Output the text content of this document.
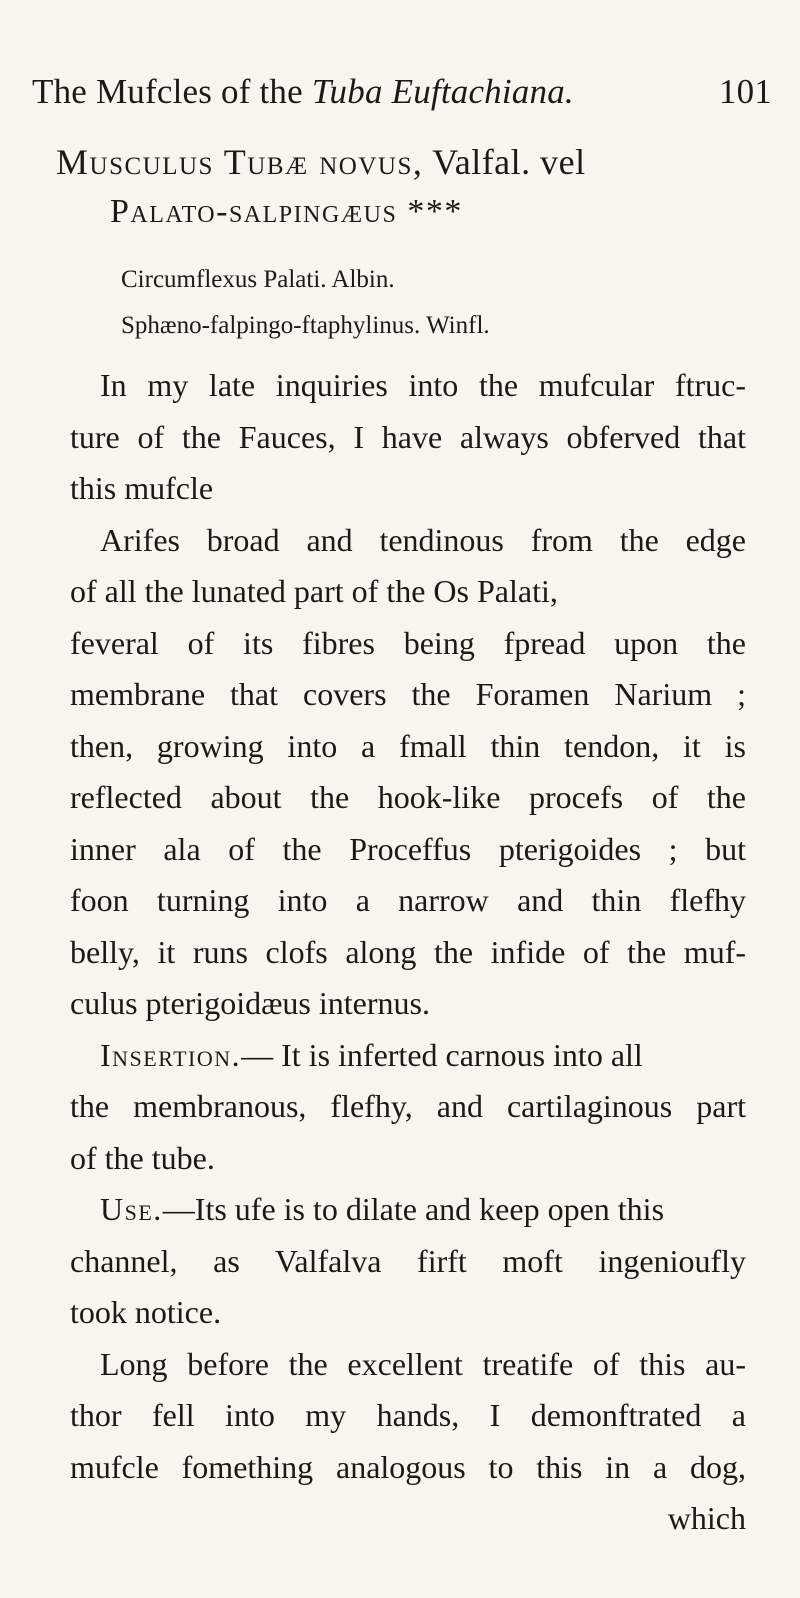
The Mufcles of the Tuba Euftachiana.	101
Musculus Tubæ novus, Valfal. vel
Palato-salpingæus ***
Circumflexus Palati. Albin.
Sphæno-falpingo-ftaphylinus. Winfl.
In my late inquiries into the mufcular ftruc-
ture of the Fauces, I have always obferved that
this mufcle
Arifes broad and tendinous from the edge
of all the lunated part of the Os Palati,
feveral of its fibres being fpread upon the
membrane that covers the Foramen Narium ;
then, growing into a fmall thin tendon, it is
reflected about the hook-like procefs of the
inner ala of the Proceffus pterigoides ; but
foon turning into a narrow and thin flefhy
belly, it runs clofs along the infide of the muf-
culus pterigoidæus internus.
Insertion.— It is inferted carnous into all
the membranous, flefhy, and cartilaginous part
of the tube.
Use.—Its ufe is to dilate and keep open this
channel, as Valfalva firft moft ingenioufly
took notice.
Long before the excellent treatife of this au-
thor fell into my hands, I demonftrated a
mufcle fomething analogous to this in a dog,
which
